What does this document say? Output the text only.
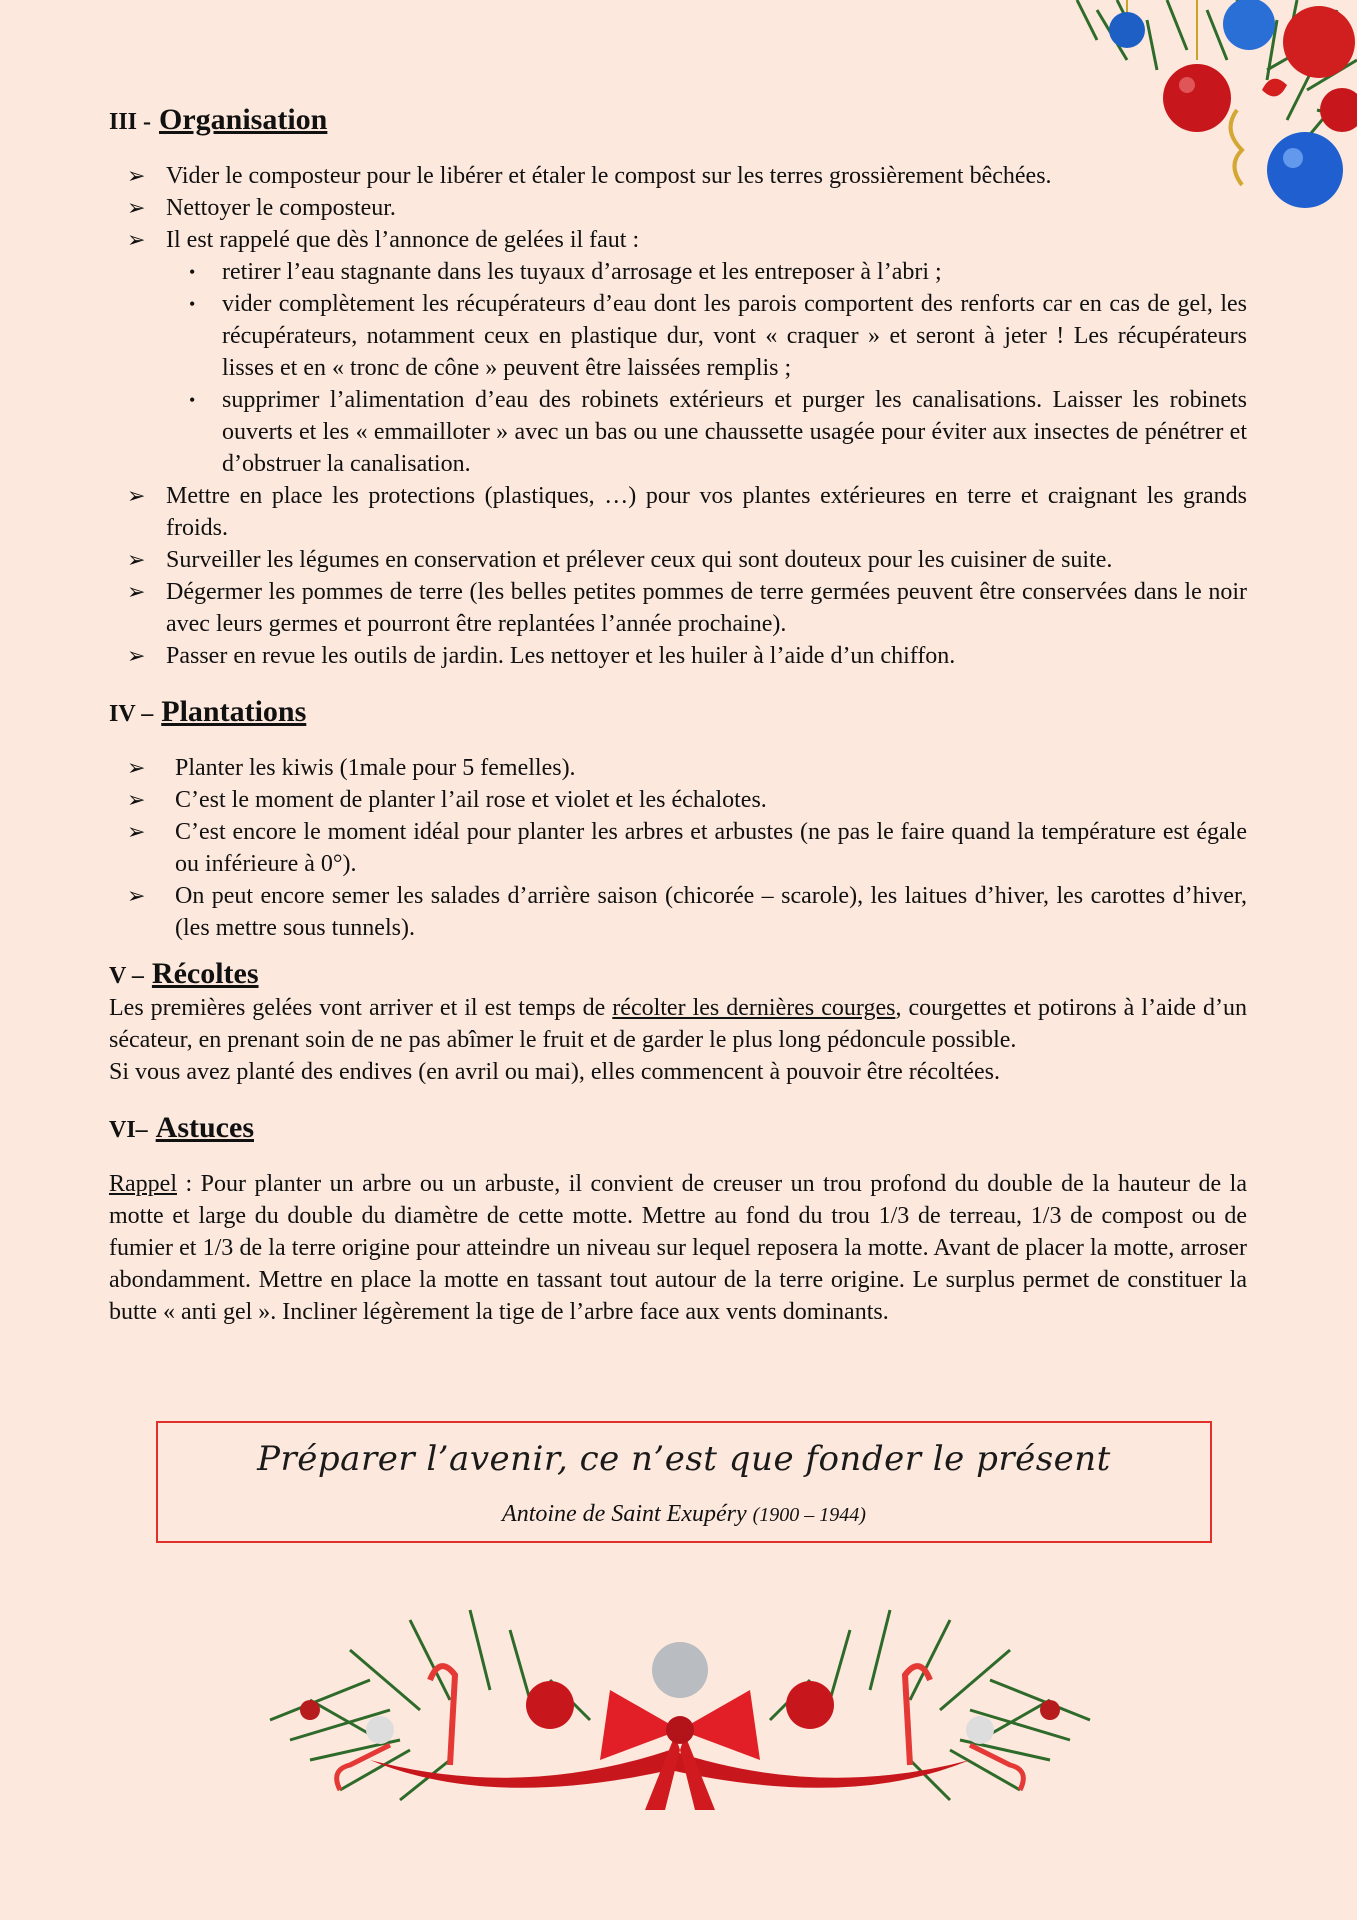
III - Organisation
➢ Vider le composteur pour le libérer et étaler le compost sur les terres grossièrement bêchées.
➢ Nettoyer le composteur.
➢ Il est rappelé que dès l’annonce de gelées il faut :
• retirer l’eau stagnante dans les tuyaux d’arrosage et les entreposer à l’abri ;
• vider complètement les récupérateurs d’eau dont les parois comportent des renforts car en cas de gel, les récupérateurs, notamment ceux en plastique dur, vont « craquer » et seront à jeter ! Les récupérateurs lisses et en « tronc de cône » peuvent être laissées remplis ;
• supprimer l’alimentation d’eau des robinets extérieurs et purger les canalisations. Laisser les robinets ouverts et les « emmailloter » avec un bas ou une chaussette usagée pour éviter aux insectes de pénétrer et d’obstruer la canalisation.
➢ Mettre en place les protections (plastiques, …) pour vos plantes extérieures en terre et craignant les grands froids.
➢ Surveiller les légumes en conservation et prélever ceux qui sont douteux pour les cuisiner de suite.
➢ Dégermer les pommes de terre (les belles petites pommes de terre germées peuvent être conservées dans le noir avec leurs germes et pourront être replantées l’année prochaine).
➢ Passer en revue les outils de jardin. Les nettoyer et les huiler à l’aide d’un chiffon.
IV – Plantations
➢ Planter les kiwis (1male pour 5 femelles).
➢ C’est le moment de planter l’ail rose et violet et les échalotes.
➢ C’est encore le moment idéal pour planter les arbres et arbustes (ne pas le faire quand la température est égale ou inférieure à 0°).
➢ On peut encore semer les salades d’arrière saison (chicorée – scarole), les laitues d’hiver, les carottes d’hiver, (les mettre sous tunnels).
V – Récoltes

Les premières gelées vont arriver et il est temps de récolter les dernières courges, courgettes et potirons à l’aide d’un sécateur, en prenant soin de ne pas abîmer le fruit et de garder le plus long pédoncule possible.

Si vous avez planté des endives (en avril ou mai), elles commencent à pouvoir être récoltées.

VI– Astuces

Rappel : Pour planter un arbre ou un arbuste, il convient de creuser un trou profond du double de la hauteur de la motte et large du double du diamètre de cette motte. Mettre au fond du trou 1/3 de terreau, 1/3 de compost ou de fumier et 1/3 de la terre origine pour atteindre un niveau sur lequel reposera la motte. Avant de placer la motte, arroser abondamment. Mettre en place la motte en tassant tout autour de la terre origine. Le surplus permet de constituer la butte « anti gel ». Incliner légèrement la tige de l’arbre face aux vents dominants.

Préparer l’avenir, ce n’est que fonder le présent
Antoine de Saint Exupéry (1900 – 1944)
